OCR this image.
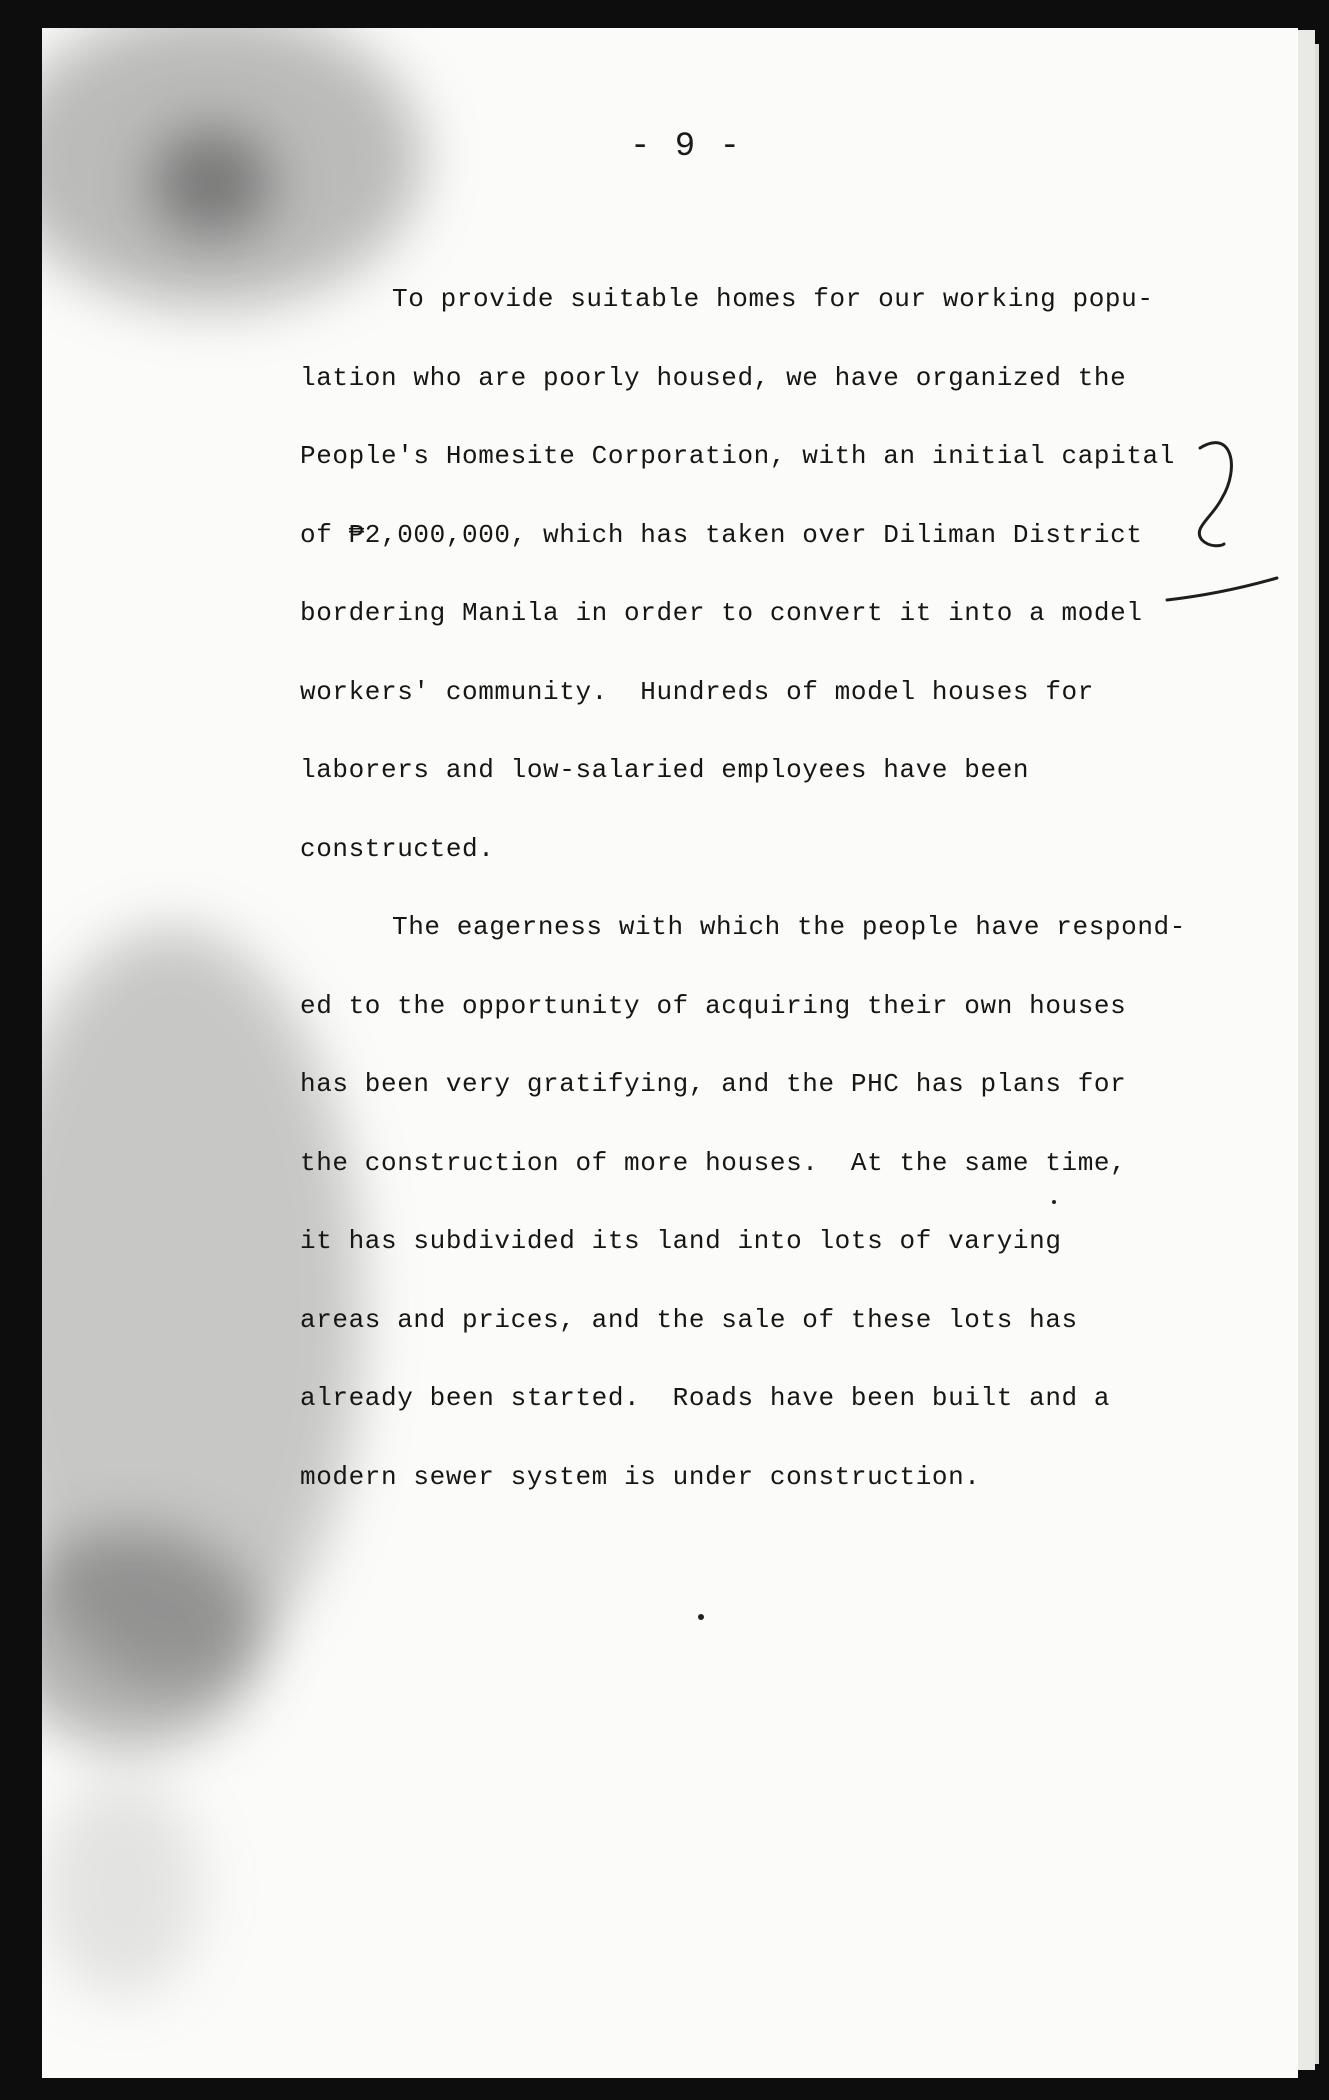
- 9 -
To provide suitable homes for our working popu-
lation who are poorly housed, we have organized the
People's Homesite Corporation, with an initial capital
of ₱2,000,000, which has taken over Diliman District
bordering Manila in order to convert it into a model
workers' community.  Hundreds of model houses for
laborers and low-salaried employees have been
constructed.
The eagerness with which the people have respond-
ed to the opportunity of acquiring their own houses
has been very gratifying, and the PHC has plans for
the construction of more houses.  At the same time,
it has subdivided its land into lots of varying
areas and prices, and the sale of these lots has
already been started.  Roads have been built and a
modern sewer system is under construction.
